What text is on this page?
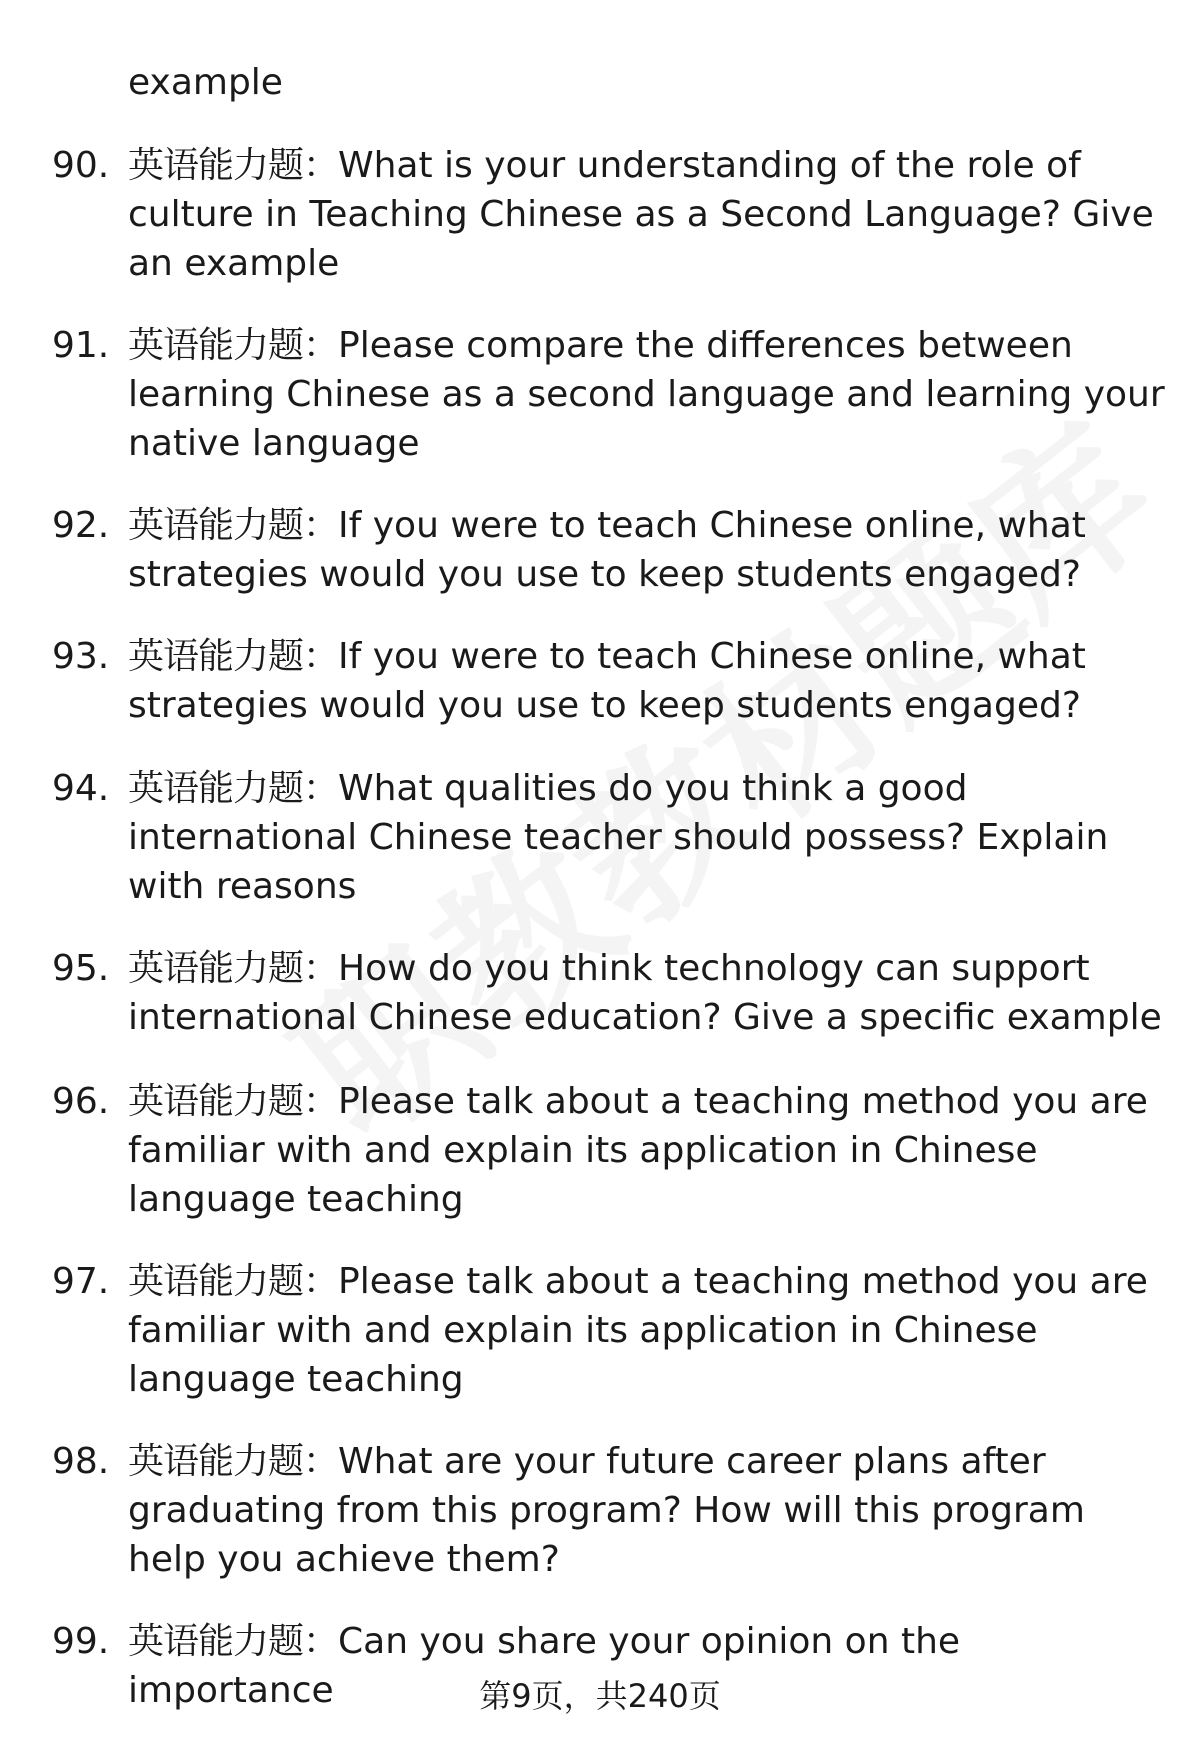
example
90. 英语能力题：What is your understanding of the role of culture in Teaching Chinese as a Second Language? Give an example
91. 英语能力题：Please compare the differences between learning Chinese as a second language and learning your native language
92. 英语能力题：If you were to teach Chinese online, what strategies would you use to keep students engaged?
93. 英语能力题：If you were to teach Chinese online, what strategies would you use to keep students engaged?
94. 英语能力题：What qualities do you think a good international Chinese teacher should possess? Explain with reasons
95. 英语能力题：How do you think technology can support international Chinese education? Give a specific example
96. 英语能力题：Please talk about a teaching method you are familiar with and explain its application in Chinese language teaching
97. 英语能力题：Please talk about a teaching method you are familiar with and explain its application in Chinese language teaching
98. 英语能力题：What are your future career plans after graduating from this program? How will this program help you achieve them?
99. 英语能力题：Can you share your opinion on the importance	第9页，共240页
